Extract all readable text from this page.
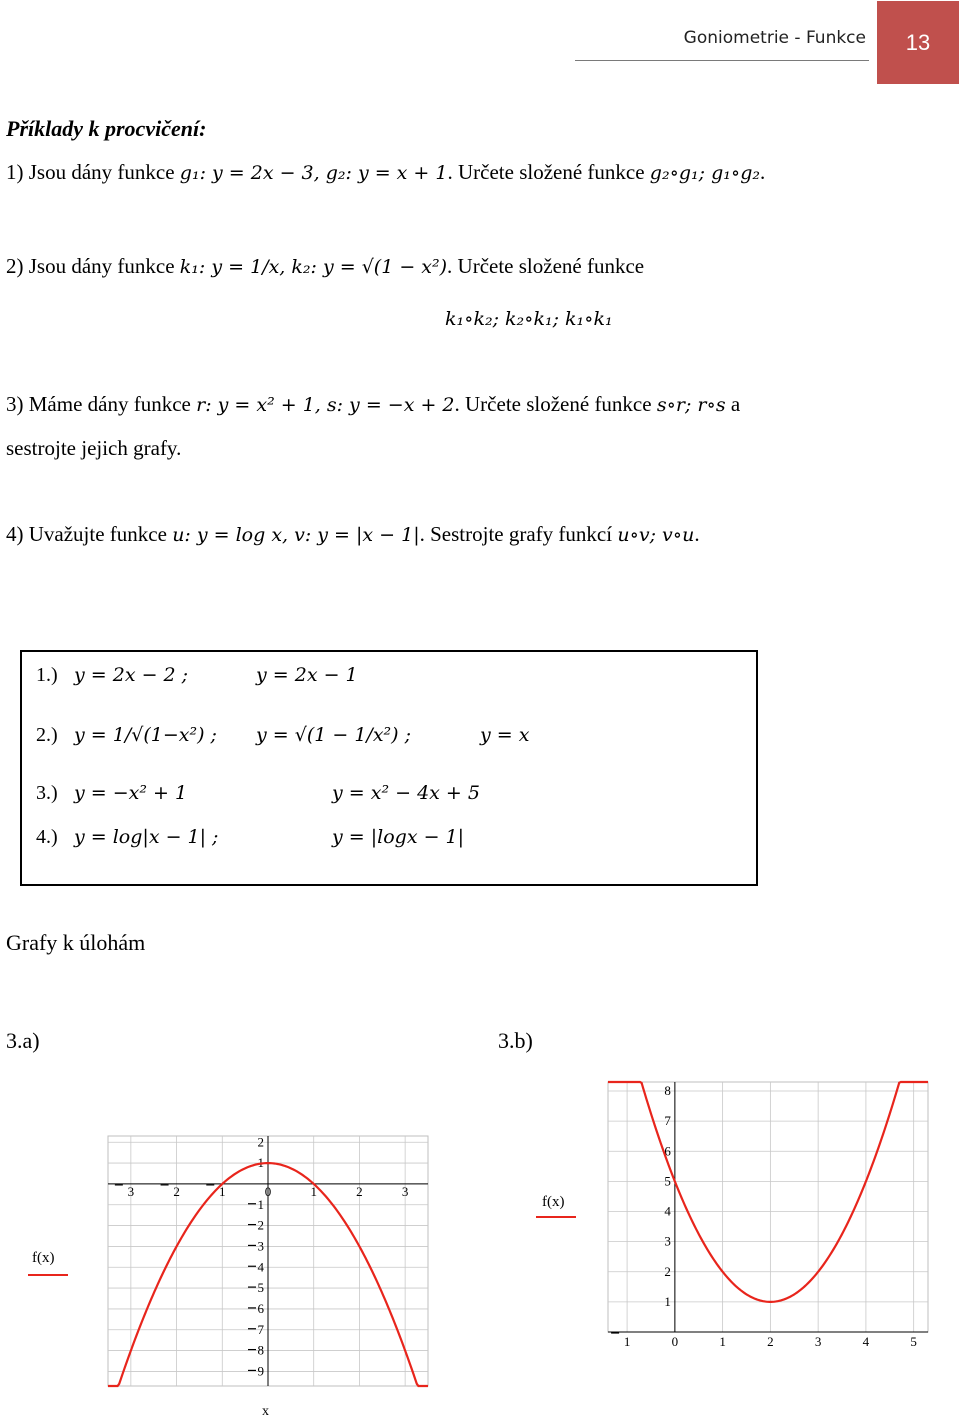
Goniometrie - Funkce	13
Příklady k procvičení:
1) Jsou dány funkce g₁: y = 2x − 3, g₂: y = x + 1. Určete složené funkce g₂∘g₁; g₁∘g₂.
2) Jsou dány funkce k₁: y = 1/x, k₂: y = √(1 − x²). Určete složené funkce
k₁∘k₂; k₂∘k₁; k₁∘k₁
3) Máme dány funkce r: y = x² + 1, s: y = −x + 2. Určete složené funkce s∘r; r∘s a
sestrojte jejich grafy.
4) Uvažujte funkce u: y = log x, v: y = |x − 1|. Sestrojte grafy funkcí u∘v; v∘u.
1.) y = 2x − 2 ;	y = 2x − 1
2.) y = 1/√(1−x²) ; y = √(1 − 1/x²) ;	y = x
3.) y = −x² + 1	y = x² − 4x + 5
4.) y = log|x − 1| ;	y = |logx − 1|
Grafy k úlohám
3.a)	3.b)
f(x)
f(x)
3	2	1	0	1	2	3
2
1
1
2
3
4
5
6
7
8
9
x
1	0	1	2	3	4	5
8
7
6
5
4
3
2
1
